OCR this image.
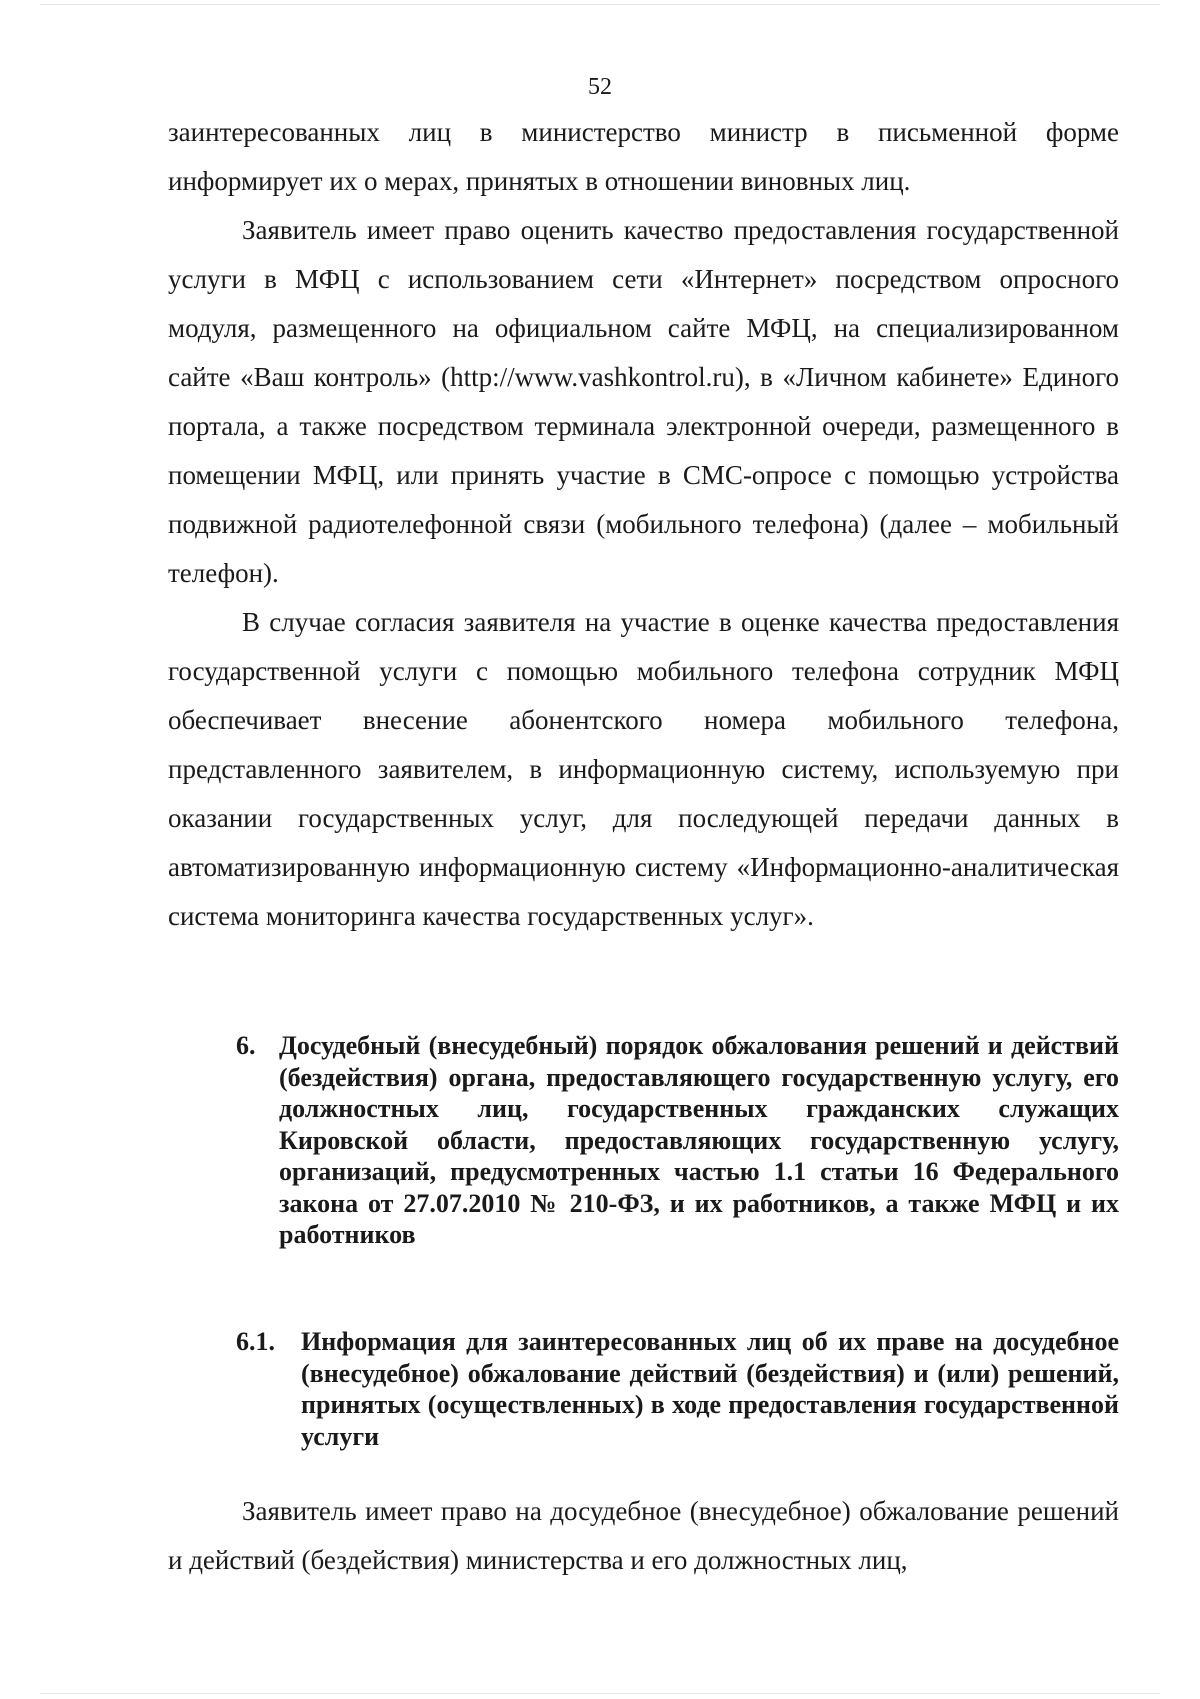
52

заинтересованных лиц в министерство министр в письменной форме информирует их о мерах, принятых в отношении виновных лиц.

Заявитель имеет право оценить качество предоставления государственной услуги в МФЦ с использованием сети «Интернет» посредством опросного модуля, размещенного на официальном сайте МФЦ, на специализированном сайте «Ваш контроль» (http://www.vashkontrol.ru), в «Личном кабинете» Единого портала, а также посредством терминала электронной очереди, размещенного в помещении МФЦ, или принять участие в СМС-опросе с помощью устройства подвижной радиотелефонной связи (мобильного телефона) (далее – мобильный телефон).

В случае согласия заявителя на участие в оценке качества предоставления государственной услуги с помощью мобильного телефона сотрудник МФЦ обеспечивает внесение абонентского номера мобильного телефона, представленного заявителем, в информационную систему, используемую при оказании государственных услуг, для последующей передачи данных в автоматизированную информационную систему «Информационно-аналитическая система мониторинга качества государственных услуг».

6. Досудебный (внесудебный) порядок обжалования решений и действий (бездействия) органа, предоставляющего государственную услугу, его должностных лиц, государственных гражданских служащих Кировской области, предоставляющих государственную услугу, организаций, предусмотренных частью 1.1 статьи 16 Федерального закона от 27.07.2010 № 210-ФЗ, и их работников, а также МФЦ и их работников
6.1. Информация для заинтересованных лиц об их праве на досудебное (внесудебное) обжалование действий (бездействия) и (или) решений, принятых (осуществленных) в ходе предоставления государственной услуги

Заявитель имеет право на досудебное (внесудебное) обжалование решений и действий (бездействия) министерства и его должностных лиц,
